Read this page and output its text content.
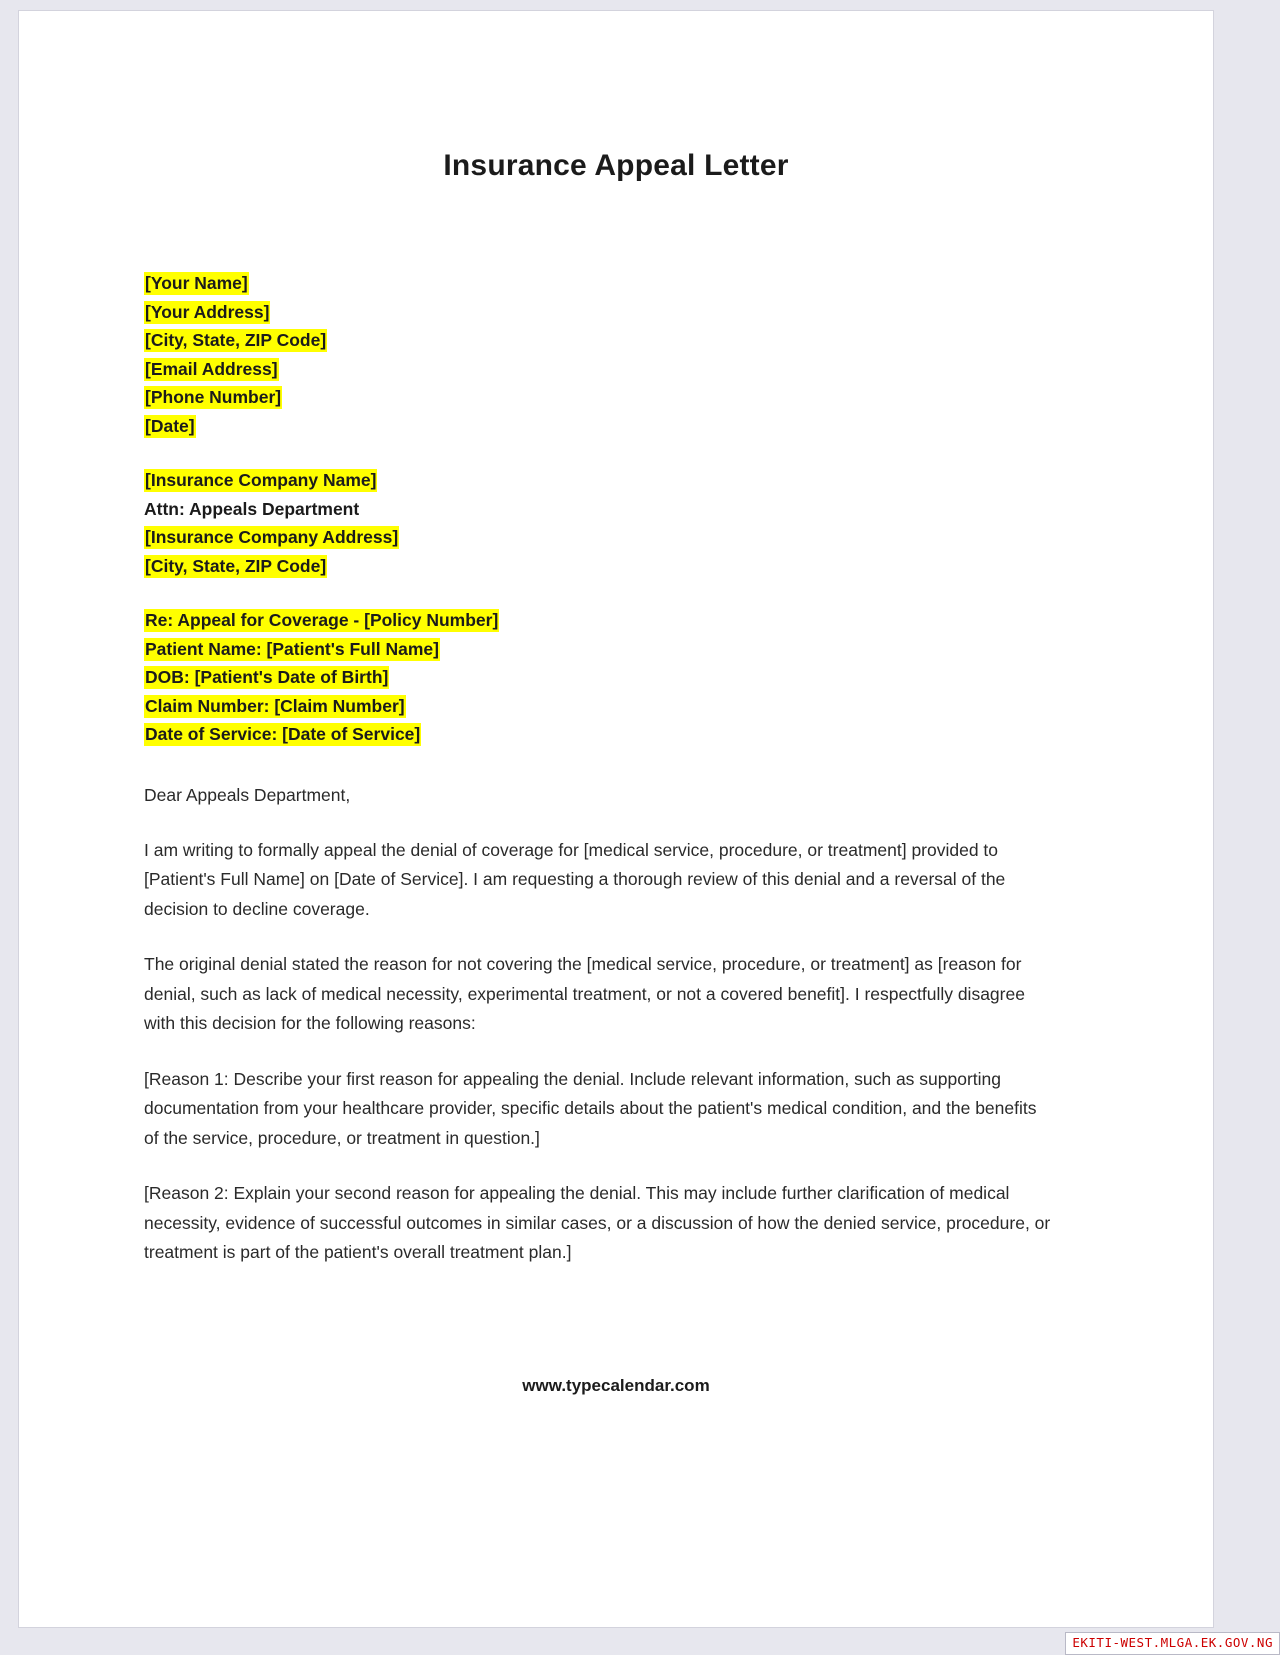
Insurance Appeal Letter
[Your Name]
[Your Address]
[City, State, ZIP Code]
[Email Address]
[Phone Number]
[Date]
[Insurance Company Name]
Attn: Appeals Department
[Insurance Company Address]
[City, State, ZIP Code]
Re: Appeal for Coverage - [Policy Number]
Patient Name: [Patient's Full Name]
DOB: [Patient's Date of Birth]
Claim Number: [Claim Number]
Date of Service: [Date of Service]
Dear Appeals Department,

I am writing to formally appeal the denial of coverage for [medical service, procedure, or treatment] provided to [Patient's Full Name] on [Date of Service]. I am requesting a thorough review of this denial and a reversal of the decision to decline coverage.

The original denial stated the reason for not covering the [medical service, procedure, or treatment] as [reason for denial, such as lack of medical necessity, experimental treatment, or not a covered benefit]. I respectfully disagree with this decision for the following reasons:

[Reason 1: Describe your first reason for appealing the denial. Include relevant information, such as supporting documentation from your healthcare provider, specific details about the patient's medical condition, and the benefits of the service, procedure, or treatment in question.]

[Reason 2: Explain your second reason for appealing the denial. This may include further clarification of medical necessity, evidence of successful outcomes in similar cases, or a discussion of how the denied service, procedure, or treatment is part of the patient's overall treatment plan.]

www.typecalendar.com
EKITI-WEST.MLGA.EK.GOV.NG
